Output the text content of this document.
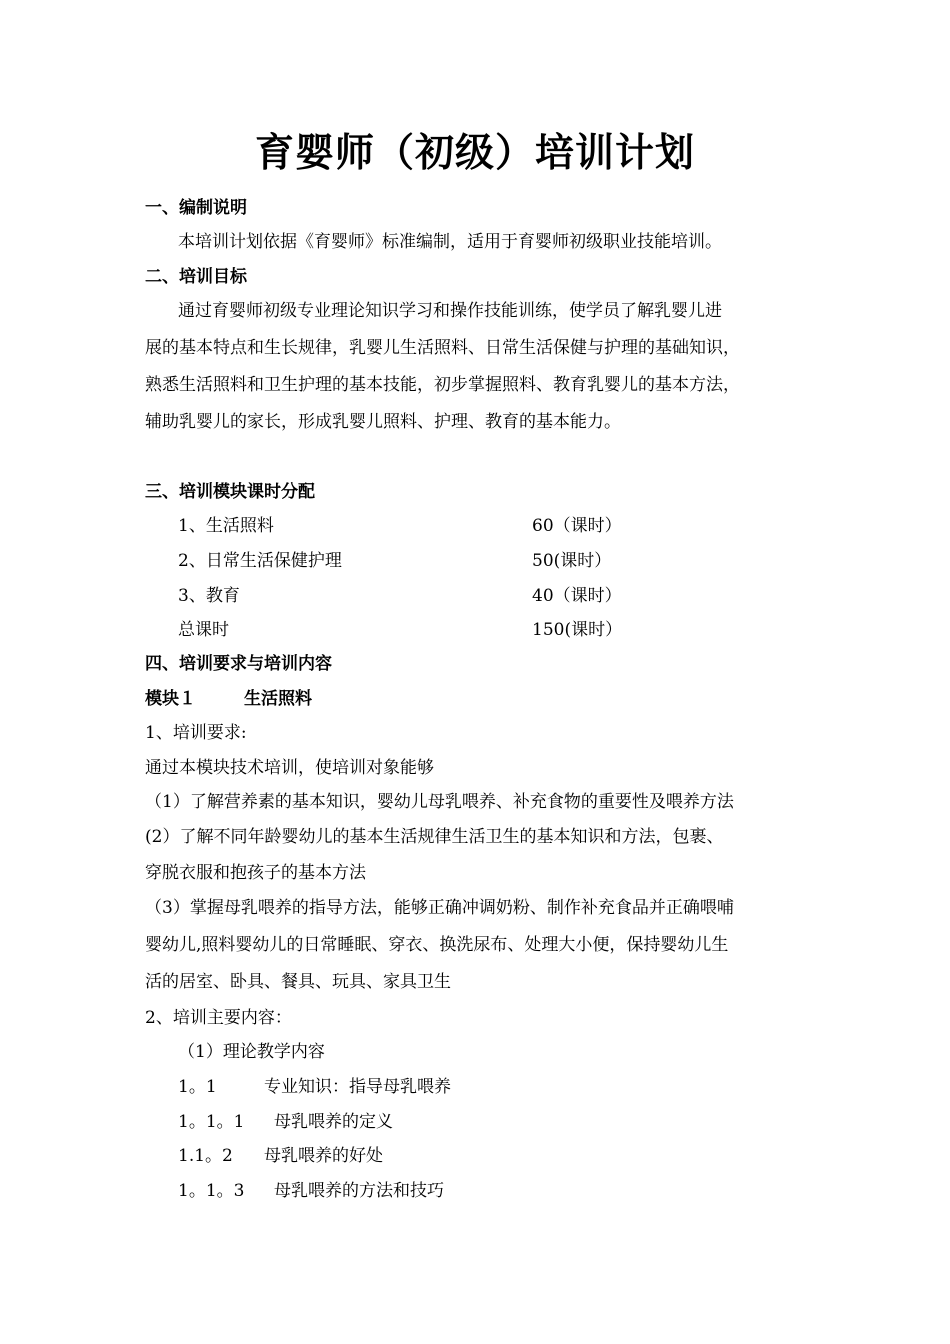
育婴师（初级）培训计划
一、编制说明
本培训计划依据《育婴师》标准编制，适用于育婴师初级职业技能培训。
二、培训目标
通过育婴师初级专业理论知识学习和操作技能训练，使学员了解乳婴儿进
展的基本特点和生长规律，乳婴儿生活照料、日常生活保健与护理的基础知识，
熟悉生活照料和卫生护理的基本技能，初步掌握照料、教育乳婴儿的基本方法，
辅助乳婴儿的家长，形成乳婴儿照料、护理、教育的基本能力。
三、培训模块课时分配
1、生活照料	60（课时）
2、日常生活保健护理	50(课时）
3、教育	40（课时）
总课时	150(课时）
四、培训要求与培训内容
模块１	生活照料
1、培训要求:
通过本模块技术培训，使培训对象能够
（1）了解营养素的基本知识，婴幼儿母乳喂养、补充食物的重要性及喂养方法
(2）了解不同年龄婴幼儿的基本生活规律生活卫生的基本知识和方法，包裹、
穿脱衣服和抱孩子的基本方法
（3）掌握母乳喂养的指导方法，能够正确冲调奶粉、制作补充食品并正确喂哺
婴幼儿,照料婴幼儿的日常睡眠、穿衣、换洗尿布、处理大小便，保持婴幼儿生
活的居室、卧具、餐具、玩具、家具卫生
2、培训主要内容：
（1）理论教学内容
1。1	专业知识：指导母乳喂养
1。1。1 母乳喂养的定义
1.1。2 母乳喂养的好处
1。1。3 母乳喂养的方法和技巧
